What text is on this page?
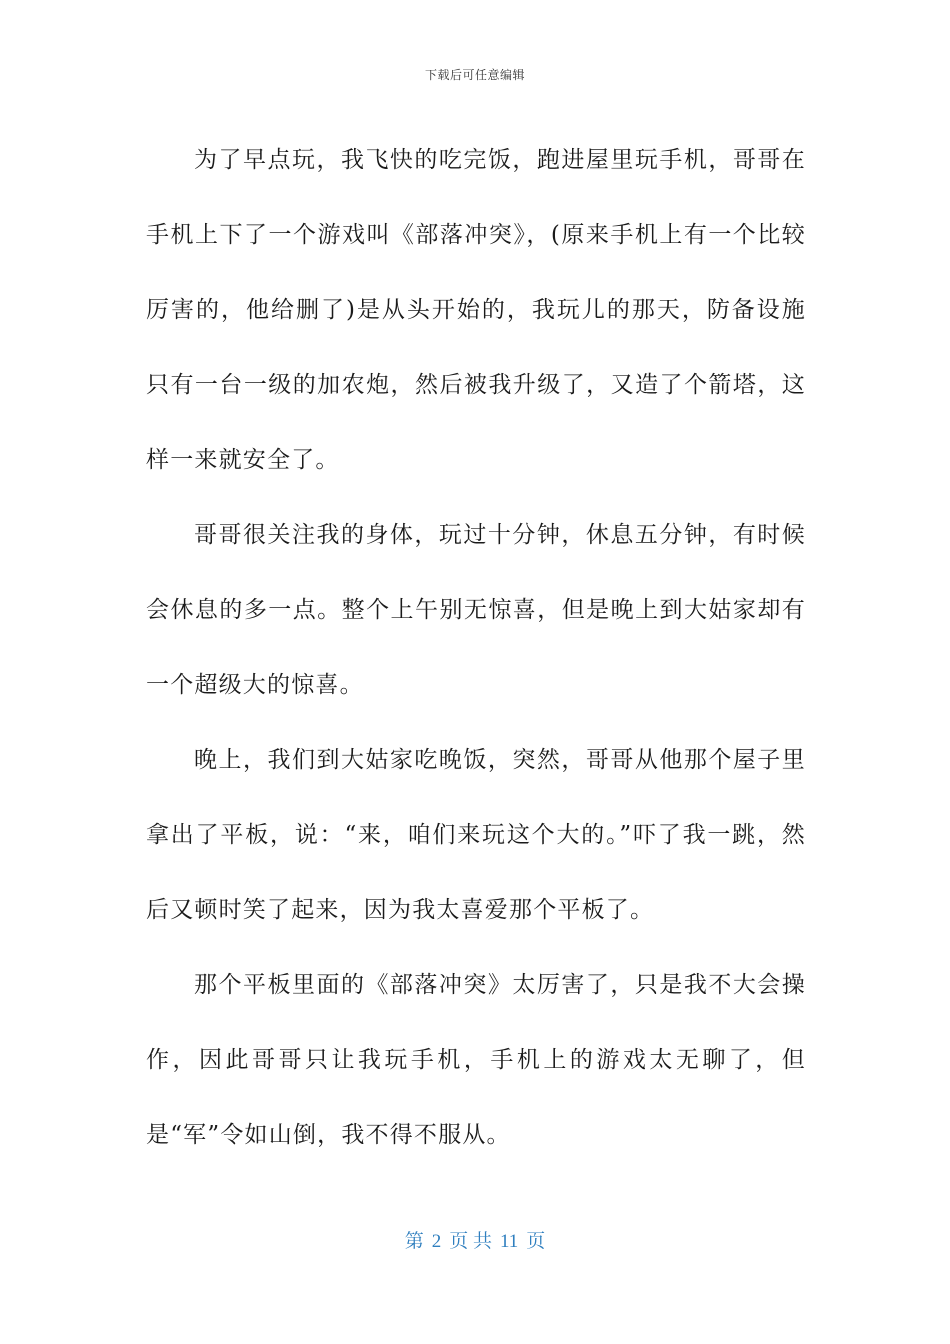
下载后可任意编辑

为了早点玩，我飞快的吃完饭，跑进屋里玩手机，哥哥在手机上下了一个游戏叫《部落冲突》，(原来手机上有一个比较厉害的，他给删了)是从头开始的，我玩儿的那天，防备设施只有一台一级的加农炮，然后被我升级了，又造了个箭塔，这样一来就安全了。

哥哥很关注我的身体，玩过十分钟，休息五分钟，有时候会休息的多一点。整个上午别无惊喜，但是晚上到大姑家却有一个超级大的惊喜。

晚上，我们到大姑家吃晚饭，突然，哥哥从他那个屋子里拿出了平板，说：“来，咱们来玩这个大的。”吓了我一跳，然后又顿时笑了起来，因为我太喜爱那个平板了。

那个平板里面的《部落冲突》太厉害了，只是我不大会操作，因此哥哥只让我玩手机，手机上的游戏太无聊了，但是“军”令如山倒，我不得不服从。

第 2 页 共 11 页
